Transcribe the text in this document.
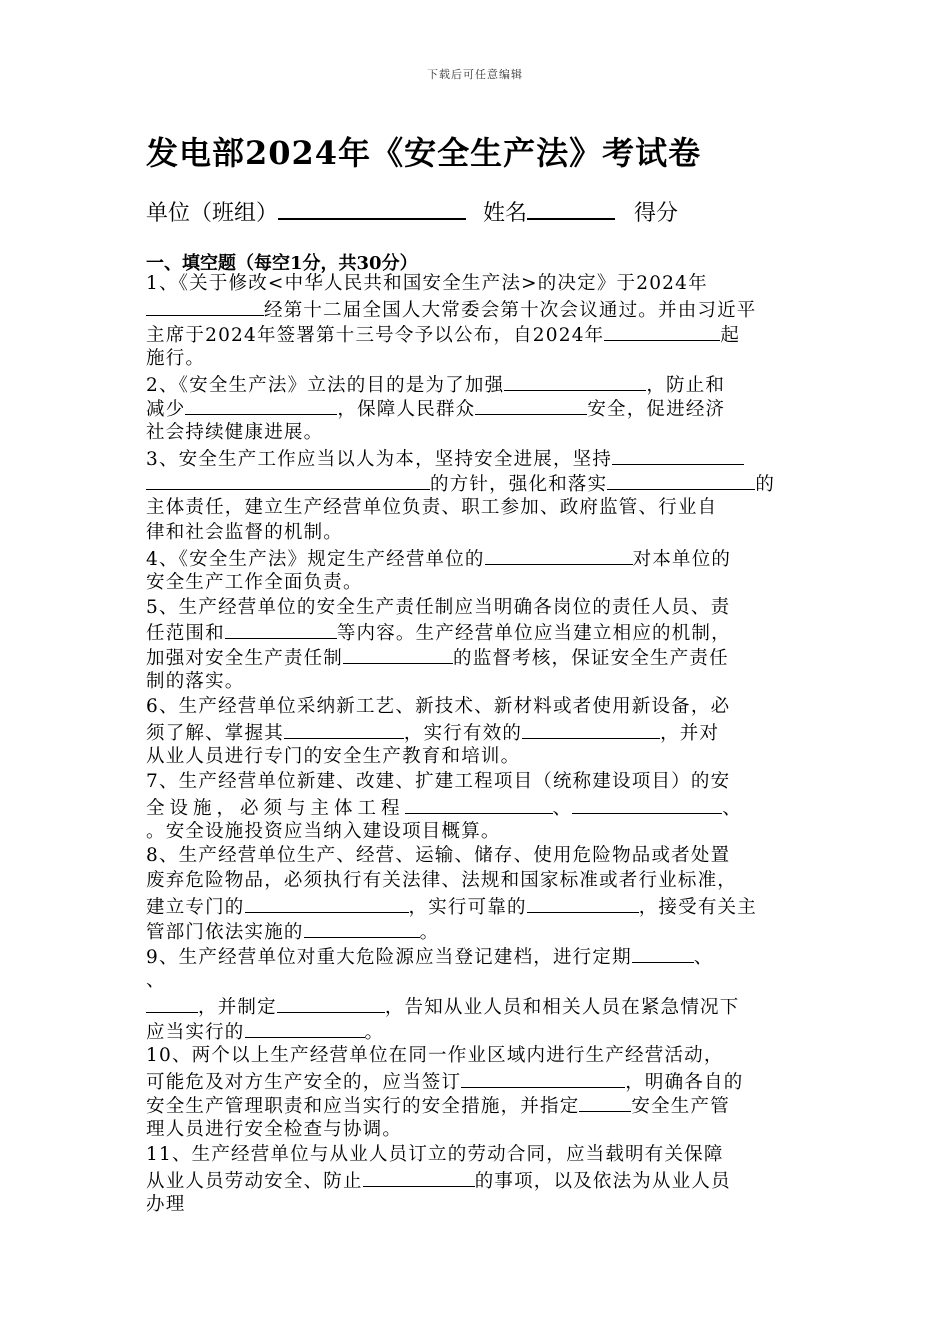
下载后可任意编辑
发电部2024年《安全生产法》考试卷
单位（班组）	姓名	得分
一、填空题（每空1分，共30分）
1、《关于修改<中华人民共和国安全生产法>的决定》于2024年
经第十二届全国人大常委会第十次会议通过。并由习近平
主席于2024年签署第十三号令予以公布，自2024年	起
施行。
2、《安全生产法》立法的目的是为了加强	，防止和
减少	，保障人民群众	安全，促进经济
社会持续健康进展。
3、安全生产工作应当以人为本，坚持安全进展，坚持
的方针，强化和落实	的
主体责任，建立生产经营单位负责、职工参加、政府监管、行业自
律和社会监督的机制。
4、《安全生产法》规定生产经营单位的	对本单位的
安全生产工作全面负责。
5、生产经营单位的安全生产责任制应当明确各岗位的责任人员、责
任范围和	等内容。生产经营单位应当建立相应的机制，
加强对安全生产责任制	的监督考核，保证安全生产责任
制的落实。
6、生产经营单位采纳新工艺、新技术、新材料或者使用新设备，必
须了解、掌握其	，实行有效的	，并对
从业人员进行专门的安全生产教育和培训。
7、生产经营单位新建、改建、扩建工程项目（统称建设项目）的安
全设施，必须与主体工程	、	、
。安全设施投资应当纳入建设项目概算。
8、生产经营单位生产、经营、运输、储存、使用危险物品或者处置
废弃危险物品，必须执行有关法律、法规和国家标准或者行业标准，
建立专门的	，实行可靠的	，接受有关主
管部门依法实施的	。
9、生产经营单位对重大危险源应当登记建档，进行定期	、
、
，并制定	，告知从业人员和相关人员在紧急情况下
应当实行的	。
10、两个以上生产经营单位在同一作业区域内进行生产经营活动，
可能危及对方生产安全的，应当签订	，明确各自的
安全生产管理职责和应当实行的安全措施，并指定	安全生产管
理人员进行安全检查与协调。
11、生产经营单位与从业人员订立的劳动合同，应当载明有关保障
从业人员劳动安全、防止	的事项，以及依法为从业人员
办理
